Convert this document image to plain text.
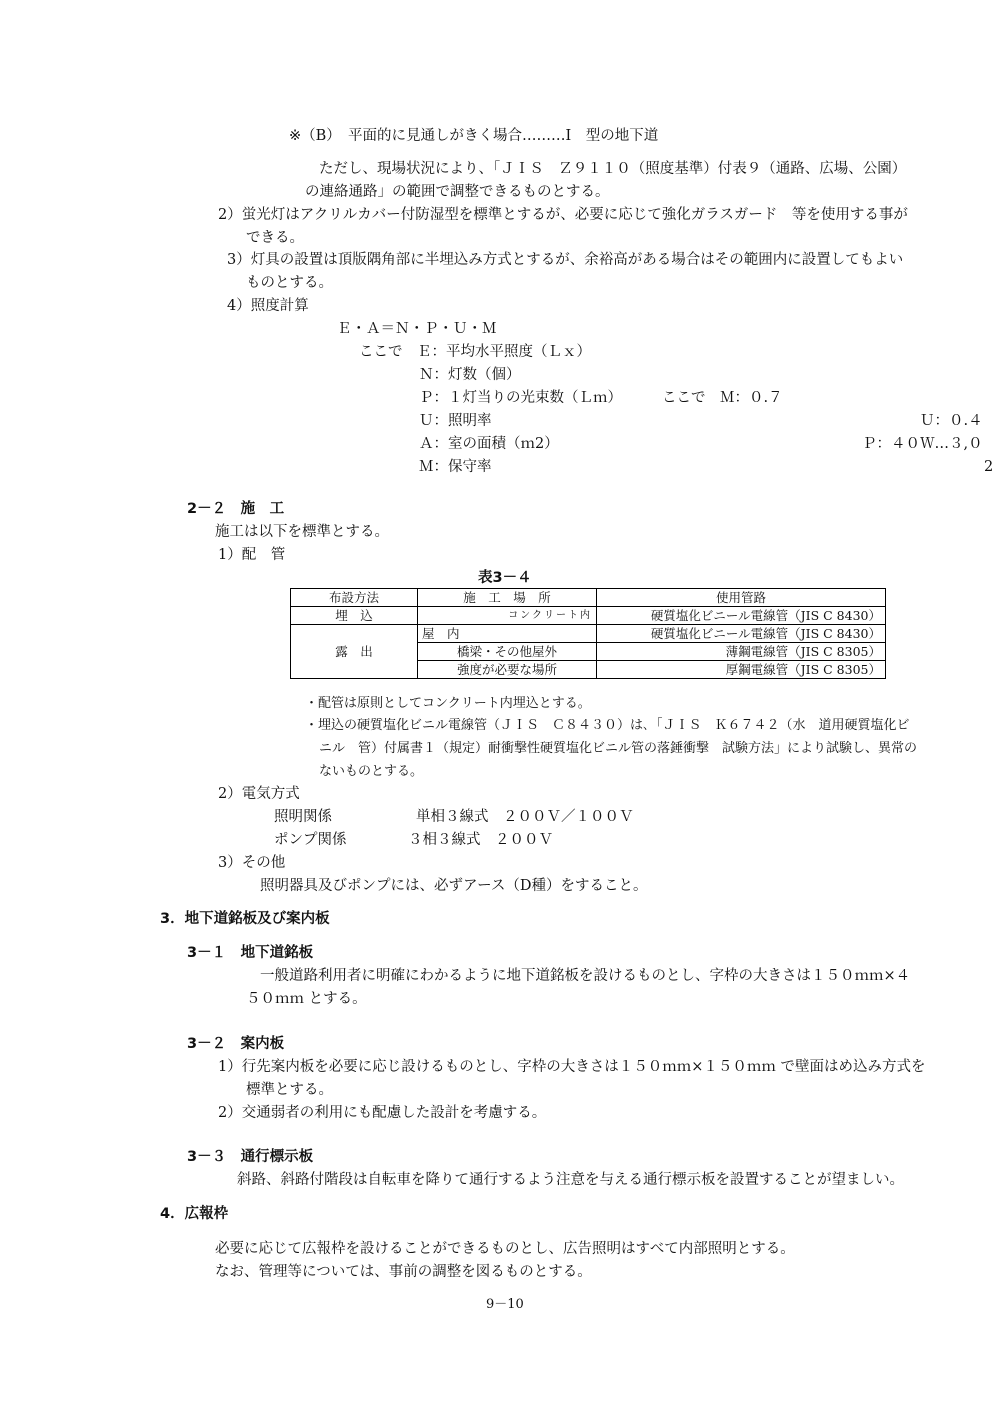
※（B）　平面的に見通しがきく場合………Ⅰ　型の地下道
ただし、現場状況により、「ＪＩＳ　Ｚ９１１０（照度基準）付表９（通路、広場、公園）
の連絡通路」の範囲で調整できるものとする。
2）蛍光灯はアクリルカバー付防湿型を標準とするが、必要に応じて強化ガラスガード　等を使用する事が
できる。
3）灯具の設置は頂版隅角部に半埋込み方式とするが、余裕高がある場合はその範囲内に設置してもよい
ものとする。
4）照度計算
Ｅ・Ａ＝Ｎ・Ｐ・Ｕ・Ｍ
ここで　Ｅ：平均水平照度（Ｌｘ）
Ｎ：灯数（個）
Ｐ：１灯当りの光束数（Ｌｍ）	ここで　Ｍ：０.７
Ｕ：照明率	Ｕ：０.４
Ａ：室の面積（ｍ2）	Ｐ：４０Ｗ…３,０
Ｍ：保守率	2
2－２　施　工
施工は以下を標準とする。
1）配　管
表3－４
布設方法	施　工　場　所	使用管路
埋　込	コンクリート内	硬質塩化ビニール電線管（JIS C 8430）
露　出	屋　内	硬質塩化ビニール電線管（JIS C 8430）
	橋梁・その他屋外	薄鋼電線管（JIS C 8305）
	強度が必要な場所	厚鋼電線管（JIS C 8305）
・配管は原則としてコンクリート内埋込とする。
・埋込の硬質塩化ビニル電線管（ＪＩＳ　Ｃ８４３０）は､「ＪＩＳ　Ｋ６７４２（水　道用硬質塩化ビ
ニル　管）付属書１（規定）耐衝撃性硬質塩化ビニル管の落錘衝撃　試験方法」により試験し、異常の
ないものとする。
2）電気方式
照明関係	単相３線式　２００Ｖ／１００Ｖ
ポンプ関係	３相３線式　２００Ｖ
3）その他
照明器具及びポンプには、必ずアース（D種）をすること。
3．地下道銘板及び案内板
3－１　地下道銘板
一般道路利用者に明確にわかるように地下道銘板を設けるものとし、字枠の大きさは１５０ｍｍ×４
５０ｍｍ とする。
3－２　案内板
1）行先案内板を必要に応じ設けるものとし、字枠の大きさは１５０ｍｍ×１５０ｍｍ で壁面はめ込み方式を
標準とする。
2）交通弱者の利用にも配慮した設計を考慮する。
3－３　通行標示板
斜路、斜路付階段は自転車を降りて通行するよう注意を与える通行標示板を設置することが望ましい。
4．広報枠
必要に応じて広報枠を設けることができるものとし、広告照明はすべて内部照明とする。
なお、管理等については、事前の調整を図るものとする。
9－10
